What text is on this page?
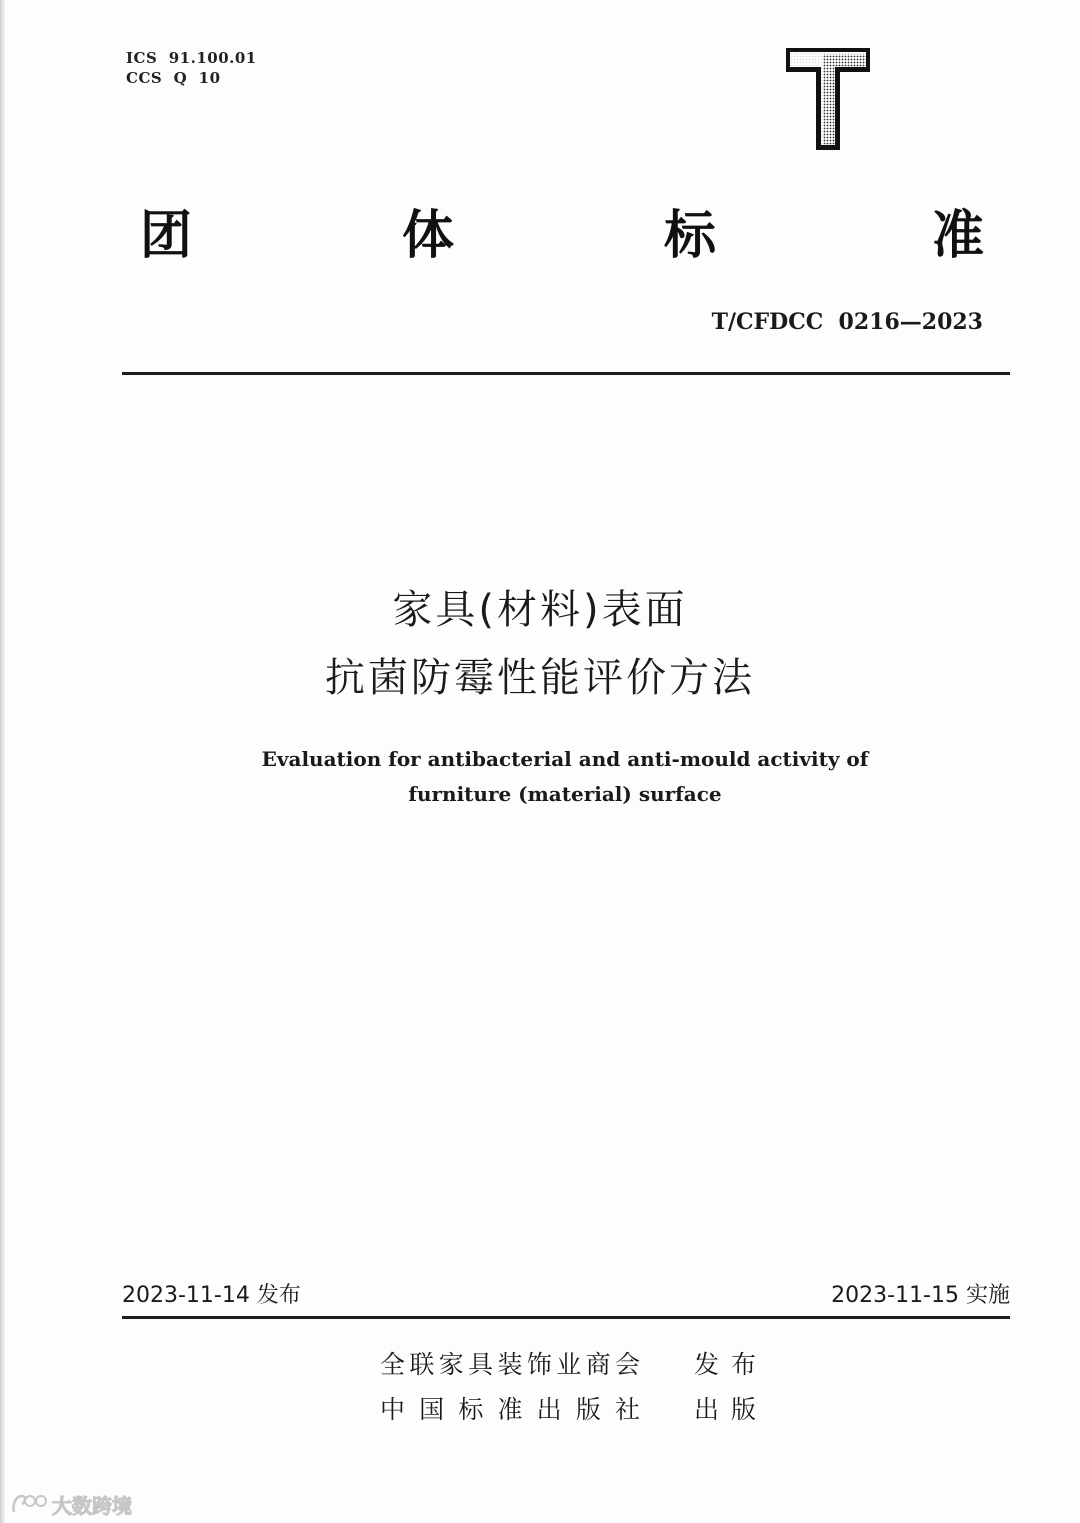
ICS  91.100.01
CCS  Q  10
团	体	标	准
T/CFDCC  0216—2023
家具(材料)表面
抗菌防霉性能评价方法
Evaluation for antibacterial and anti-mould activity of
furniture (material) surface
2023-11-14 发布	2023-11-15 实施
全联家具装饰业商会 发布
中国标准出版社 出版
大数跨境
